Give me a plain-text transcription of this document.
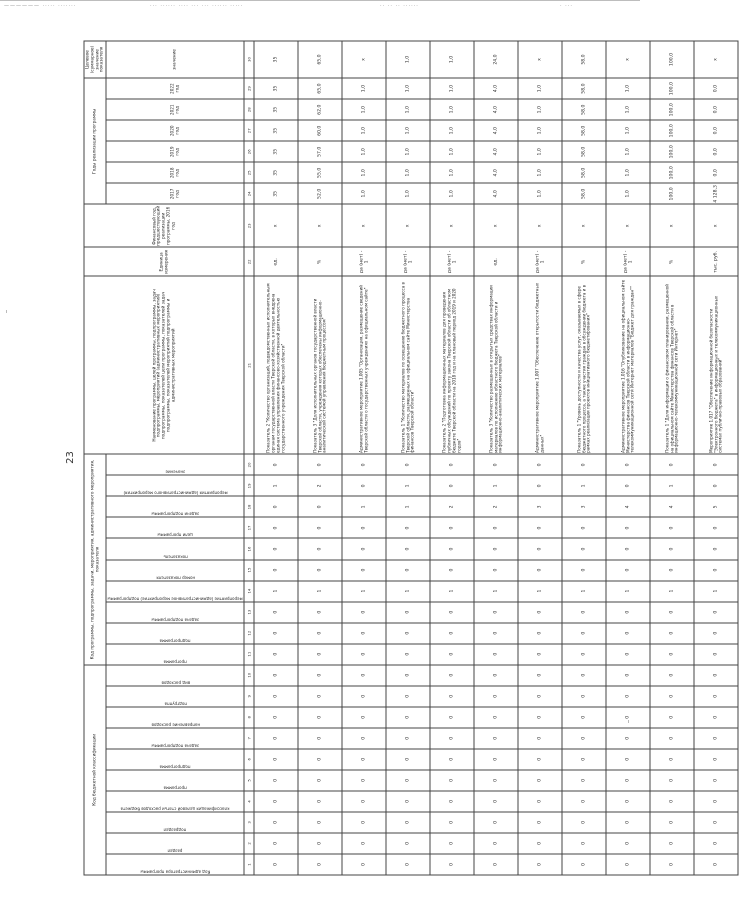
—————— ····· ·······	··· ······ ···· ··· ··· ······ ·····	·· ·· ·· ······	· ···
23
Код бюджетной классификации										Код программы, подпрограммы, задачи, мероприятия, административного мероприятия, показателя										Наименование программы, целей программы, подпрограммы, задач подпрограммы, мероприятий (административных мероприятий) подпрограммы, показателей цели программы, показателей задач подпрограммы, показателей мероприятий подпрограммы и административных мероприятий	Единица измерения	Финансовый год, предшествующий реализации программы, 2016 год	Годы реализации программы						Целевое (суммарное) значение показателя

Код администратора программы	раздел	подраздел	классификация целевой статьи расходов бюджета	программа	подпрограмма	задача подпрограммы	направление расходов	подгруппа	вид расходов	программа	подпрограмма	задача подпрограммы	мероприятие (административное мероприятие) подпрограммы	номер показателя	показатель	цели программы	задачи подпрограммы	мероприятия (административного мероприятия)	значение				2017 год	2018 год	2019 год	2020 год	2021 год	2022 год	значение
1	2	3	4	5	6	7	8	9	10	11	12	13	14	15	16	17	18	19	20	21	22	23	24	25	26	27	28	29	30
0	0	0	0	0	0	0	0	0	0	0	0	0	1	0	0	0	0	1	0	Показатель 2 "Количество организаций, подведомственных исполнительным органам государственной власти Тверской области, в которых внедрена единая система управления финансово-хозяйственной деятельностью государственного учреждения Тверской области"	ед.	х	35	35	35	35	35	35	35
0	0	0	0	0	0	0	0	0	0	0	0	0	1	0	0	0	0	2	0	Показатель 3 "Доля исполнительных органов государственной власти Тверской области, учреждения которых обеспечены информационно-аналитической системой управления бюджетным процессом"	%	х	52,0	55,0	57,0	60,0	62,0	65,0	65,0
0	0	0	0	0	0	0	0	0	0	0	0	0	1	0	0	0	1	0	0	Административное мероприятие 1.005 "Организация, размещение сведений Тверской области о государственных учреждениях на официальном сайте"	да (нет) - 1	х	1,0	1,0	1,0	1,0	1,0	1,0	х
0	0	0	0	0	0	0	0	0	0	0	0	0	1	0	0	0	1	1	0	Показатель 1 "Количество материалов по освещению бюджетного процесса в Тверской области, размещенных на официальном сайте Министерства финансов Тверской области"	да (нет) - 1	х	1,0	1,0	1,0	1,0	1,0	1,0	1,0
0	0	0	0	0	0	0	0	0	0	0	0	0	1	0	0	0	2	0	0	Показатель 2 "Подготовка информационных материалов для проведения публичных обсуждений по проекту закона Тверской области об областном бюджете Тверской области на 2018 год и на плановый период 2019 и 2020 годов"	да (нет) - 1	х	1,0	1,0	1,0	1,0	1,0	1,0	1,0
0	0	0	0	0	0	0	0	0	0	0	0	0	1	0	0	0	2	1	0	Показатель 3 "Количество размещенных в открытых средствах информации материалов по исполнению областного бюджета Тверской области и информационно-аналитических материалов"	ед.	х	4,0	4,0	4,0	4,0	4,0	4,0	24,0
0	0	0	0	0	0	0	0	0	0	0	0	0	1	0	0	0	3	0	0	Административное мероприятие 1.007 "Обеспечение открытости бюджетных данных"	да (нет) - 1	х	1,0	1,0	1,0	1,0	1,0	1,0	х
0	0	0	0	0	0	0	0	0	0	0	0	0	1	0	0	0	3	1	0	Показатель 1 "Уровень доступности и качества услуг, оказываемых в сфере бюджетного процесса, а также участия граждан в обсуждении бюджета и в рамках реализации проектов инициативного бюджетирования"	%	х	58,0	58,0	58,0	58,0	58,0	58,0	58,0
0	0	0	0	0	0	0	0	0	0	0	0	0	1	0	0	0	4	0	0	Административное мероприятие 1.016 "Опубликование на официальном сайте Министерства финансов Тверской области в информационно-телекоммуникационной сети Интернет материалов "Бюджет для граждан""	да (нет) - 1	х	1,0	1,0	1,0	1,0	1,0	1,0	х
0	0	0	0	0	0	0	0	0	0	0	0	0	1	0	0	0	4	1	0	Показатель 1 "Доля информации о финансовом планировании, размещенной на официальном сайте Министерства финансов Тверской области в информационно-телекоммуникационной сети Интернет"	%	х	100,0	100,0	100,0	100,0	100,0	100,0	100,0
0	0	0	0	0	0	0	0	0	0	0	0	0	1	0	0	0	5	0	0	Мероприятие 1.017 "Обеспечение информационной безопасности "Электронного бюджета" в информационных и телекоммуникационных системах публично-правовых образований"	тыс. руб.	х	4 128,3	0,0	0,0	0,0	0,0	0,0	х
